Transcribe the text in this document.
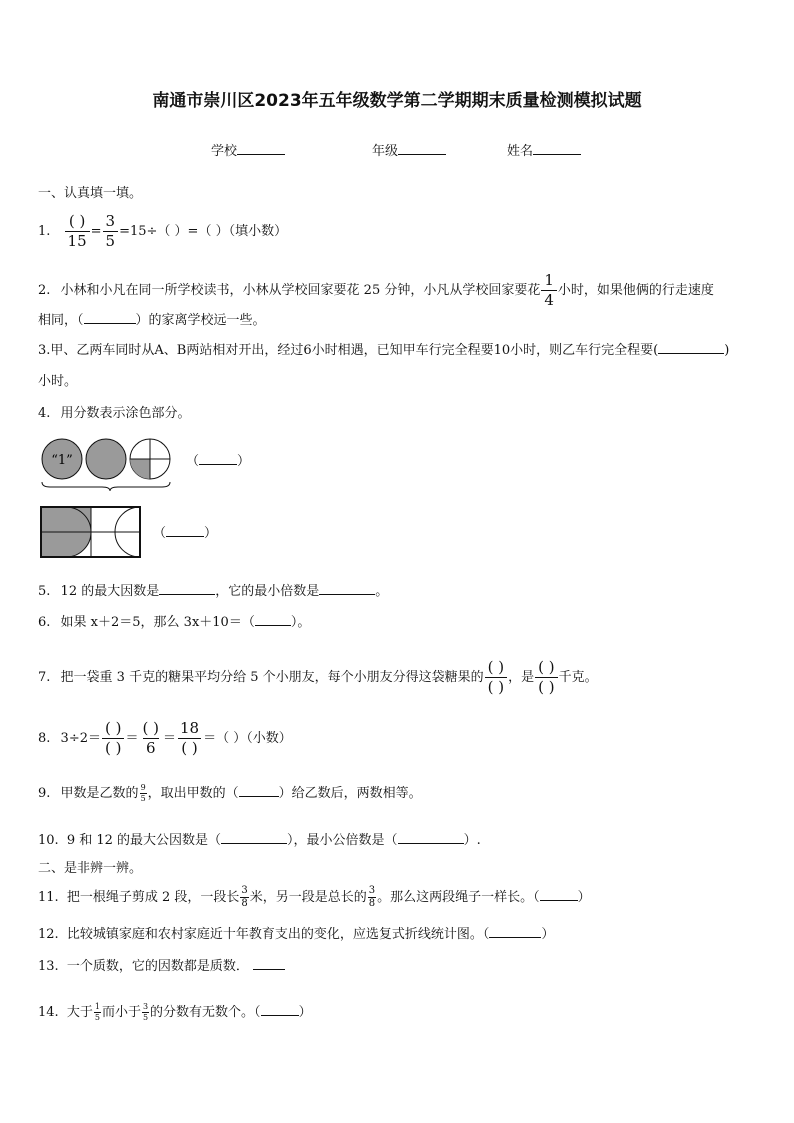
南通市崇川区2023年五年级数学第二学期期末质量检测模拟试题
学校	年级	姓名
一、认真填一填。
1.
( )
15
= $\frac{3}{5} =15\div$（ ）=（ ）（填小数）
2. 小林和小凡在同一所学校读书，小林从学校回家要花 25 分钟，小凡从学校回家要花 $\frac{1}{4}$ 小时，如果他俩的行走速度
相同，（	）的家离学校远一些。
3.甲、乙两车同时从A、B两站相对开出，经过6小时相遇，已知甲车行完全程要10小时，则乙车行完全程要(	)
小时。
4. 用分数表示涂色部分。
“1”	（	）
（	）
5. 12 的最大因数是	，它的最小倍数是	。
6. 如果 x＋2＝5，那么 3x＋10＝（	）。
7. 把一袋重 3 千克的糖果平均分给 5 个小朋友，每个小朋友分得这袋糖果的
( )
( )
，是
( )
( )
千克。
8. 3÷2＝
( )
( )
＝
( )
6
＝
18
( )
＝（ ）（小数）
9. 甲数是乙数的 $\frac{9}{5}$ ，取出甲数的（	）给乙数后，两数相等。
10. 9 和 12 的最大公因数是（	），最小公倍数是（	）.
二、是非辨一辨。
11. 把一根绳子剪成 2 段，一段长 $\frac{3}{8}$ 米，另一段是总长的 $\frac{3}{8}$ 。那么这两段绳子一样长。（	）
12. 比较城镇家庭和农村家庭近十年教育支出的变化，应选复式折线统计图。（	）
13. 一个质数，它的因数都是质数．
14. 大于 $\frac{1}{5}$ 而小于 $\frac{3}{5}$ 的分数有无数个。（	）
